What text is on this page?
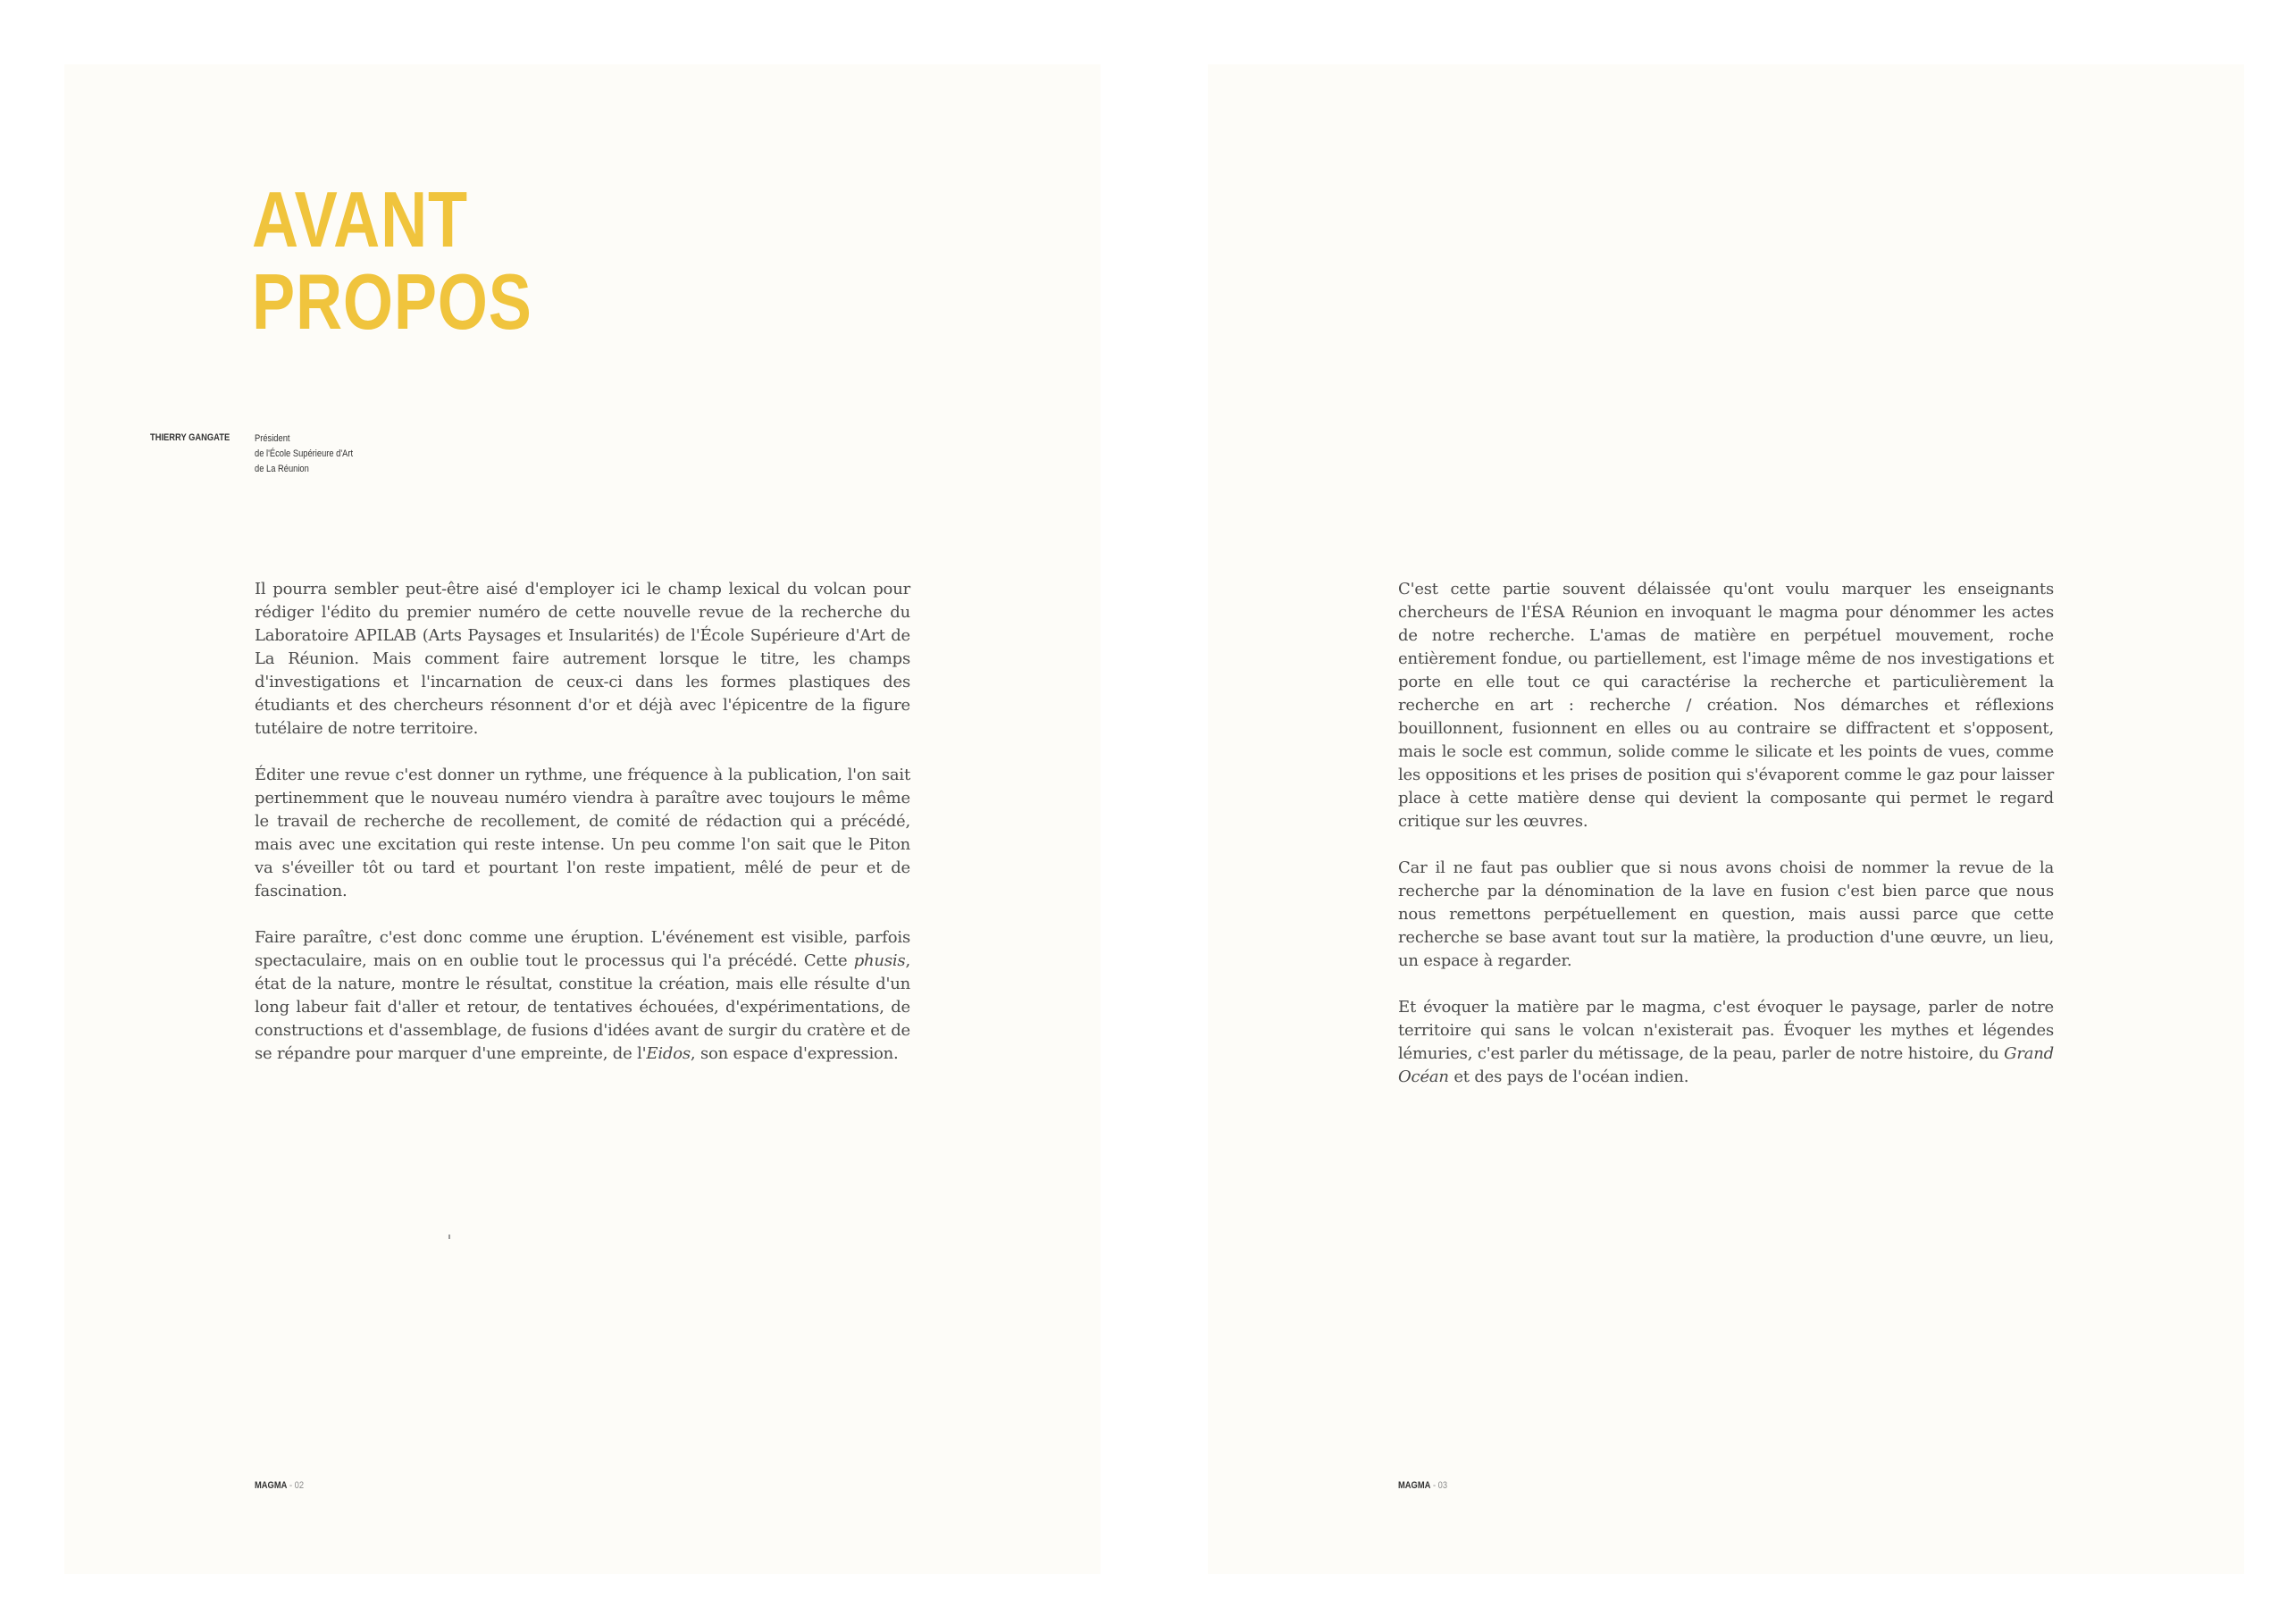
AVANT
PROPOS
THIERRY GANGATE	Président
de l'École Supérieure d'Art
de La Réunion

Il pourra sembler peut-être aisé d'employer ici le champ lexical du volcan pour rédiger l'édito du premier numéro de cette nouvelle revue de la recherche du Laboratoire APILAB (Arts Paysages et Insularités) de l'École Supérieure d'Art de La Réunion. Mais comment faire autrement lorsque le titre, les champs d'investigations et l'incarnation de ceux-ci dans les formes plastiques des étudiants et des chercheurs résonnent d'or et déjà avec l'épicentre de la figure tutélaire de notre territoire.

Éditer une revue c'est donner un rythme, une fréquence à la publication, l'on sait pertinemment que le nouveau numéro viendra à paraître avec toujours le même le travail de recherche de recollement, de comité de rédaction qui a précédé, mais avec une excitation qui reste intense. Un peu comme l'on sait que le Piton va s'éveiller tôt ou tard et pourtant l'on reste impatient, mêlé de peur et de fascination.

Faire paraître, c'est donc comme une éruption. L'événement est visible, parfois spectaculaire, mais on en oublie tout le processus qui l'a précédé. Cette phusis, état de la nature, montre le résultat, constitue la création, mais elle résulte d'un long labeur fait d'aller et retour, de tentatives échouées, d'expérimentations, de constructions et d'assemblage, de fusions d'idées avant de surgir du cratère et de se répandre pour marquer d'une empreinte, de l'Eidos, son espace d'expression.

MAGMA - 02

C'est cette partie souvent délaissée qu'ont voulu marquer les enseignants chercheurs de l'ÉSA Réunion en invoquant le magma pour dénommer les actes de notre recherche. L'amas de matière en perpétuel mouvement, roche entièrement fondue, ou partiellement, est l'image même de nos investigations et porte en elle tout ce qui caractérise la recherche et particulièrement la recherche en art : recherche / création. Nos démarches et réflexions bouillonnent, fusionnent en elles ou au contraire se diffractent et s'opposent, mais le socle est commun, solide comme le silicate et les points de vues, comme les oppositions et les prises de position qui s'évaporent comme le gaz pour laisser place à cette matière dense qui devient la composante qui permet le regard critique sur les œuvres.

Car il ne faut pas oublier que si nous avons choisi de nommer la revue de la recherche par la dénomination de la lave en fusion c'est bien parce que nous nous remettons perpétuellement en question, mais aussi parce que cette recherche se base avant tout sur la matière, la production d'une œuvre, un lieu, un espace à regarder.

Et évoquer la matière par le magma, c'est évoquer le paysage, parler de notre territoire qui sans le volcan n'existerait pas. Évoquer les mythes et légendes lémuries, c'est parler du métissage, de la peau, parler de notre histoire, du Grand Océan et des pays de l'océan indien.

MAGMA - 03
